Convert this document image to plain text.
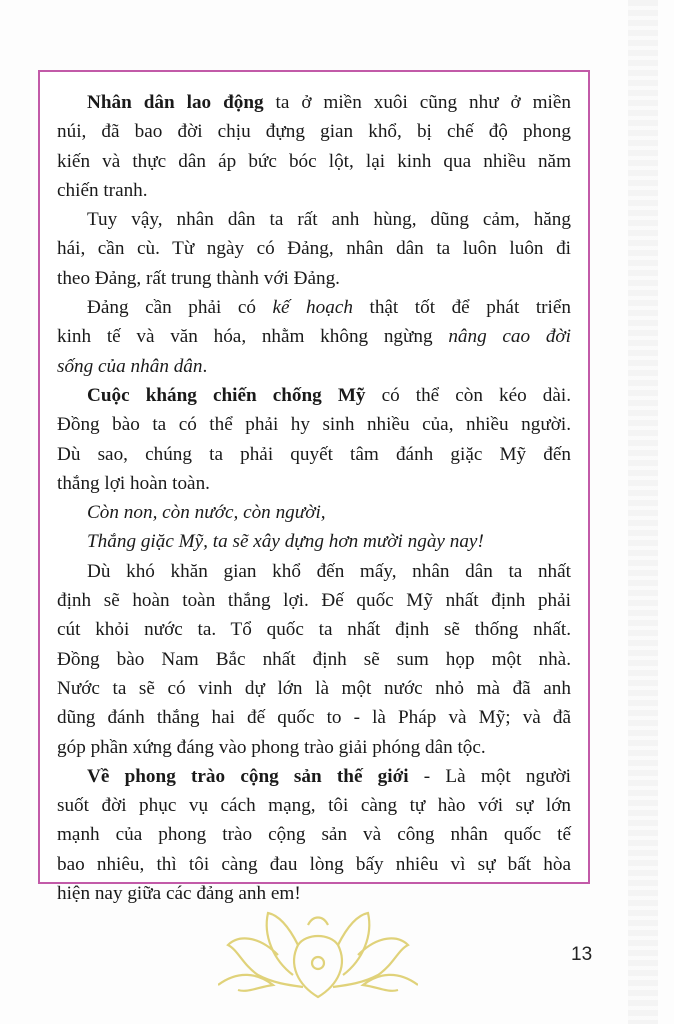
Nhân dân lao động ta ở miền xuôi cũng như ở miền
núi, đã bao đời chịu đựng gian khổ, bị chế độ phong
kiến và thực dân áp bức bóc lột, lại kinh qua nhiều năm
chiến tranh.
Tuy vậy, nhân dân ta rất anh hùng, dũng cảm, hăng
hái, cần cù. Từ ngày có Đảng, nhân dân ta luôn luôn đi
theo Đảng, rất trung thành với Đảng.
Đảng cần phải có kế hoạch thật tốt để phát triển
kinh tế và văn hóa, nhằm không ngừng nâng cao đời
sống của nhân dân.
Cuộc kháng chiến chống Mỹ có thể còn kéo dài.
Đồng bào ta có thể phải hy sinh nhiều của, nhiều người.
Dù sao, chúng ta phải quyết tâm đánh giặc Mỹ đến
thắng lợi hoàn toàn.
Còn non, còn nước, còn người,
Thắng giặc Mỹ, ta sẽ xây dựng hơn mười ngày nay!
Dù khó khăn gian khổ đến mấy, nhân dân ta nhất
định sẽ hoàn toàn thắng lợi. Đế quốc Mỹ nhất định phải
cút khỏi nước ta. Tổ quốc ta nhất định sẽ thống nhất.
Đồng bào Nam Bắc nhất định sẽ sum họp một nhà.
Nước ta sẽ có vinh dự lớn là một nước nhỏ mà đã anh
dũng đánh thắng hai đế quốc to - là Pháp và Mỹ; và đã
góp phần xứng đáng vào phong trào giải phóng dân tộc.
Về phong trào cộng sản thế giới - Là một người
suốt đời phục vụ cách mạng, tôi càng tự hào với sự lớn
mạnh của phong trào cộng sản và công nhân quốc tế
bao nhiêu, thì tôi càng đau lòng bấy nhiêu vì sự bất hòa
hiện nay giữa các đảng anh em!
13
